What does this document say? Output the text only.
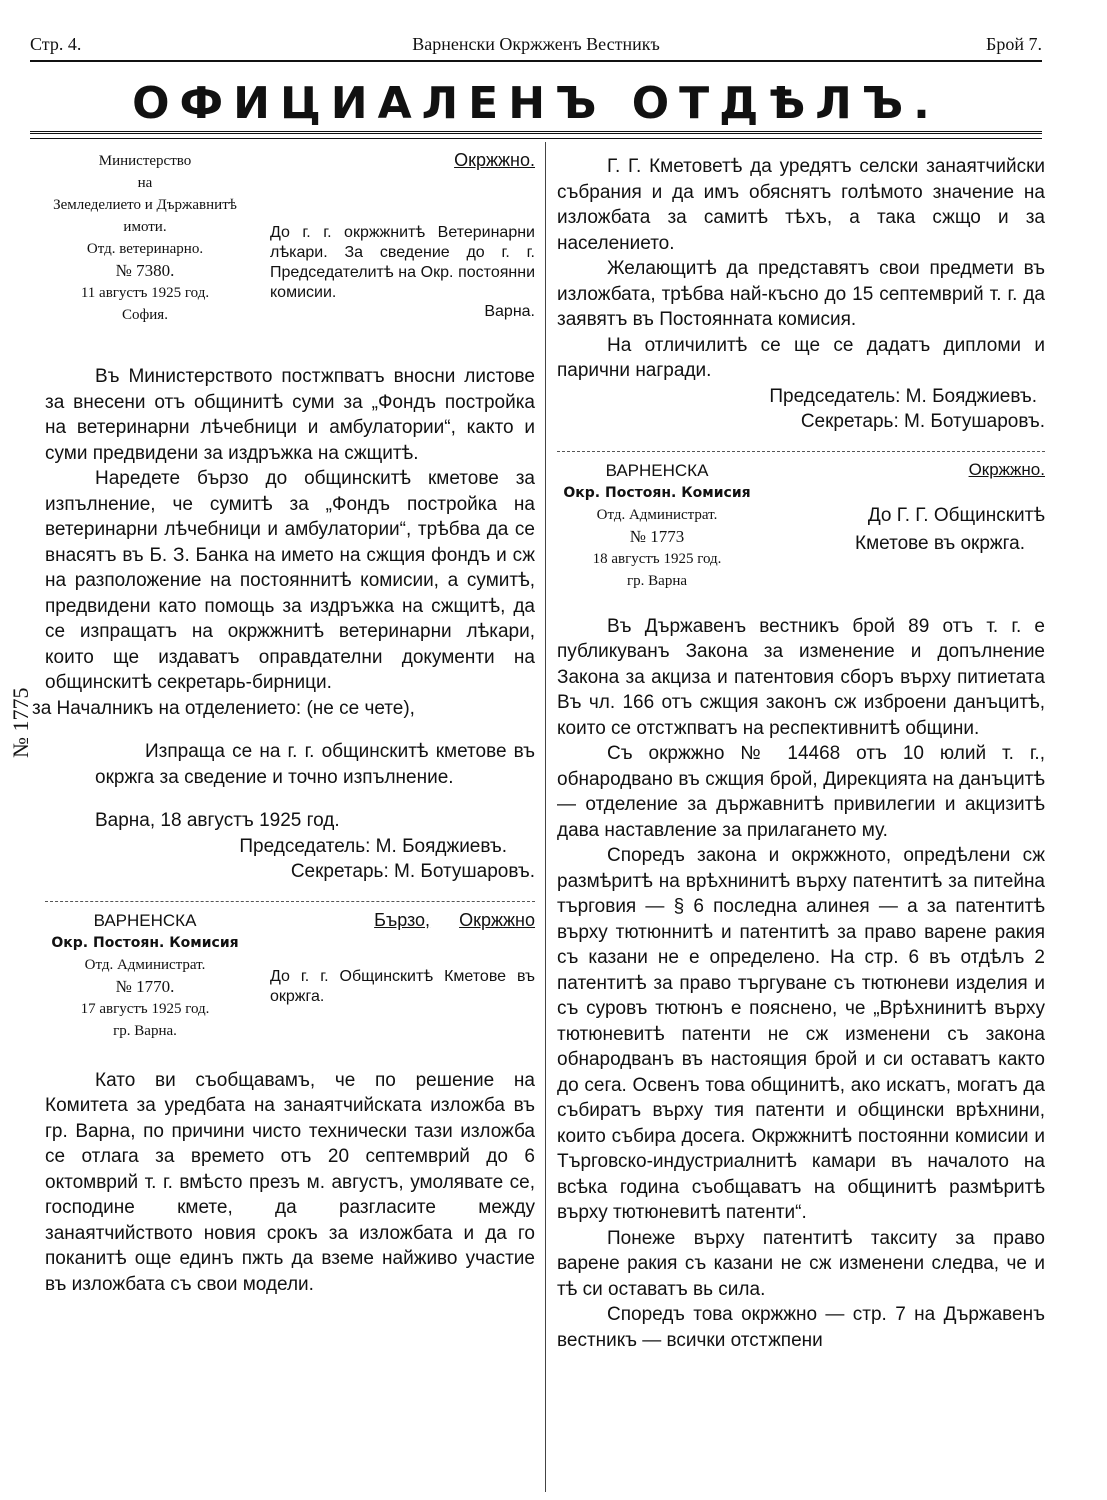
Стр. 4.	Варненски Окржженъ Вестникъ	Брой 7.
ОФИЦИАЛЕНЪ ОТДѢЛЪ.
№ 1775
Министерство
на
Земледелието и Държавнитѣ имоти.
Отд. ветеринарно.
№ 7380.
11 августъ 1925 год.
София.
Окржжно.
До г. г. окржжнитѣ Ветеринарни лѣкари. За сведение до г. г. Председателитѣ на Окр. постоянни комисии.
Варна.

Въ Министерството постжпватъ вносни листове за внесени отъ общинитѣ суми за „Фондъ постройка на ветеринарни лѣчебници и амбулатории“, както и суми предвидени за издръжка на сжщитѣ.

Наредете бързо до общинскитѣ кметове за изпълнение, че сумитѣ за „Фондъ постройка на ветеринарни лѣчебници и амбулатории“, трѣбва да се внасятъ въ Б. З. Банка на името на сжщия фондъ и сж на разположение на постояннитѣ комисии, а сумитѣ, предвидени като помощь за издръжка на сжщитѣ, да се изпращатъ на окржжнитѣ ветеринарни лѣкари, които ще издаватъ оправдателни документи на общинскитѣ секретарь-бирници.

за Началникъ на отделението: (не се чете),

Изпраща се на г. г. общинскитѣ кметове въ окржга за сведение и точно изпълнение.

Варна, 18 августъ 1925 год.

Председатель: М. Бояджиевъ.

Секретарь: М. Ботушаровъ.

ВАРНЕНСКА
Окр. Постоян. Комисия
Отд. Администрат.
№ 1770.
17 августъ 1925 год.
гр. Варна.
Бързо, Окржжно
До г. г. Общинскитѣ Кметове въ окржга.

Като ви съобщавамъ, че по решение на Комитета за уредбата на занаятчийската изложба въ гр. Варна, по причини чисто технически тази изложба се отлага за времето отъ 20 септемврий до 6 октомврий т. г. вмѣсто презъ м. августъ, умолявате се, господине кмете, да разгласите между занаятчийството новия срокъ за изложбата и да го поканитѣ още единъ пжть да вземе найживо участие въ изложбата съ свои модели.

Г. Г. Кметоветѣ да уредятъ селски занаятчийски събрания и да имъ обяснятъ голѣмото значение на изложбата за самитѣ тѣхъ, а така сжщо и за населението.

Желающитѣ да представятъ свои предмети въ изложбата, трѣбва най-късно до 15 септемврий т. г. да заявятъ въ Постоянната комисия.

На отличилитѣ се ще се дадатъ дипломи и парични награди.

Председатель: М. Бояджиевъ.

Секретарь: М. Ботушаровъ.

ВАРНЕНСКА
Окр. Постоян. Комисия
Отд. Администрат.
№ 1773
18 августъ 1925 год.
гр. Варна
Окржжно.
До Г. Г. Общинскитѣ
Кметове въ окржга.

Въ Държавенъ вестникъ брой 89 отъ т. г. е публикуванъ Закона за изменение и допълнение Закона за акциза и патентовия сборъ върху питиетата Въ чл. 166 отъ сжщия законъ сж изброени данъцитѣ, които се отстжпватъ на респективнитѣ общини.

Съ окржжно № 14468 отъ 10 юлий т. г., обнародвано въ сжщия брой, Дирекцията на данъцитѣ — отделение за държавнитѣ привилегии и акцизитѣ дава наставление за прилагането му.

Споредъ закона и окржжното, опредѣлени сж размѣритѣ на врѣхнинитѣ върху патентитѣ за питейна търговия — § 6 последна алинея — а за патентитѣ върху тютюннитѣ и патентитѣ за право варене ракия съ казани не е определено. На стр. 6 въ отдѣлъ 2 патентитѣ за право търгуване съ тютюневи изделия и съ суровъ тютюнъ е пояснено, че „Врѣхнинитѣ върху тютюневитѣ патенти не сж изменени съ закона обнародванъ въ настоящия брой и си оставатъ както до сега. Освенъ това общинитѣ, ако искатъ, могатъ да събиратъ върху тия патенти и общински врѣхнини, които събира досега. Окржжнитѣ постоянни комисии и Търговско-индустриалнитѣ камари въ началото на всѣка година съобщаватъ на общинитѣ размѣритѣ върху тютюневитѣ патенти“.

Понеже върху патентитѣ такситу за право варене ракия съ казани не сж изменени следва, че и тѣ си оставатъ вь сила.

Споредъ това окржжно — стр. 7 на Държавенъ вестникъ — всички отстжпени
